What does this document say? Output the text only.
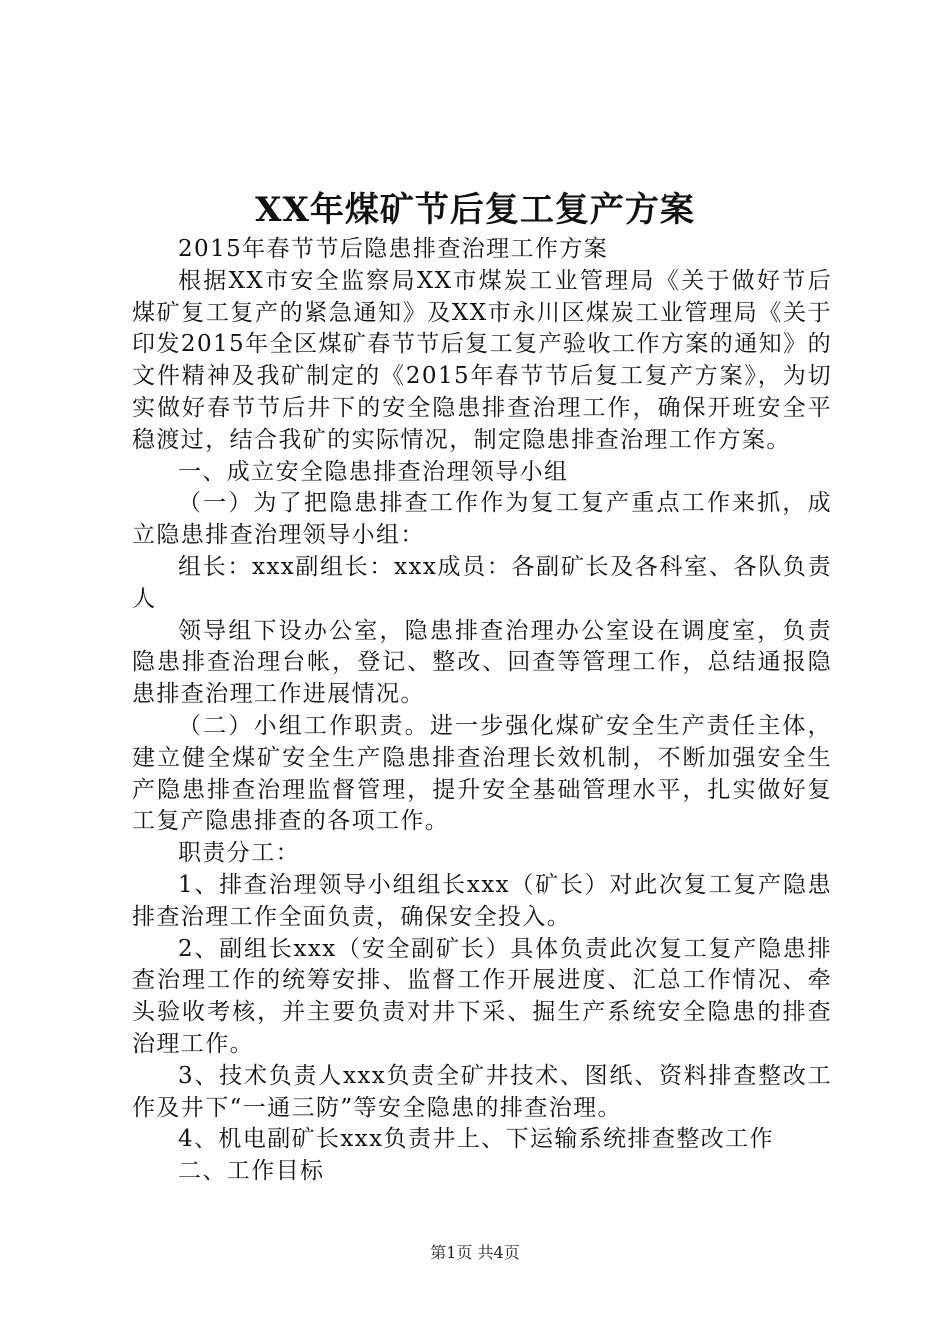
XX年煤矿节后复工复产方案

2015年春节节后隐患排查治理工作方案

根据XX市安全监察局XX市煤炭工业管理局《关于做好节后煤矿复工复产的紧急通知》及XX市永川区煤炭工业管理局《关于印发2015年全区煤矿春节节后复工复产验收工作方案的通知》的文件精神及我矿制定的《2015年春节节后复工复产方案》，为切实做好春节节后井下的安全隐患排查治理工作，确保开班安全平稳渡过，结合我矿的实际情况，制定隐患排查治理工作方案。

一、成立安全隐患排查治理领导小组

（一）为了把隐患排查工作作为复工复产重点工作来抓，成立隐患排查治理领导小组：

组长：xxx副组长：xxx成员：各副矿长及各科室、各队负责人

领导组下设办公室，隐患排查治理办公室设在调度室，负责隐患排查治理台帐，登记、整改、回查等管理工作，总结通报隐患排查治理工作进展情况。

（二）小组工作职责。进一步强化煤矿安全生产责任主体，建立健全煤矿安全生产隐患排查治理长效机制，不断加强安全生产隐患排查治理监督管理，提升安全基础管理水平，扎实做好复工复产隐患排查的各项工作。

职责分工：

1、排查治理领导小组组长xxx（矿长）对此次复工复产隐患排查治理工作全面负责，确保安全投入。

2、副组长xxx（安全副矿长）具体负责此次复工复产隐患排查治理工作的统筹安排、监督工作开展进度、汇总工作情况、牵头验收考核，并主要负责对井下采、掘生产系统安全隐患的排查治理工作。

3、技术负责人xxx负责全矿井技术、图纸、资料排查整改工作及井下“一通三防”等安全隐患的排查治理。

4、机电副矿长xxx负责井上、下运输系统排查整改工作

二、工作目标

第1页 共4页
